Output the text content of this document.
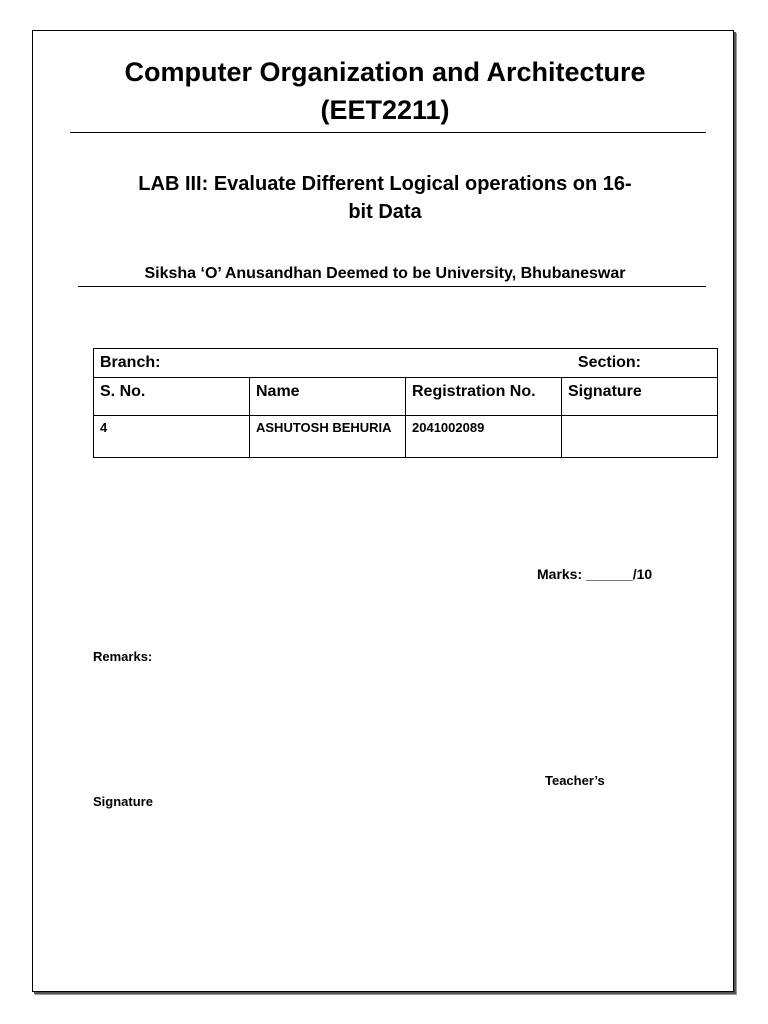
Computer Organization and Architecture
(EET2211)
LAB III: Evaluate Different Logical operations on 16-
bit Data
Siksha ‘O’ Anusandhan Deemed to be University, Bhubaneswar
Branch: Section:			

S. No.	Name	Registration No.	Signature
4	ASHUTOSH BEHURIA	2041002089	
Marks: ______/10
Remarks:
Teacher’s
Signature
